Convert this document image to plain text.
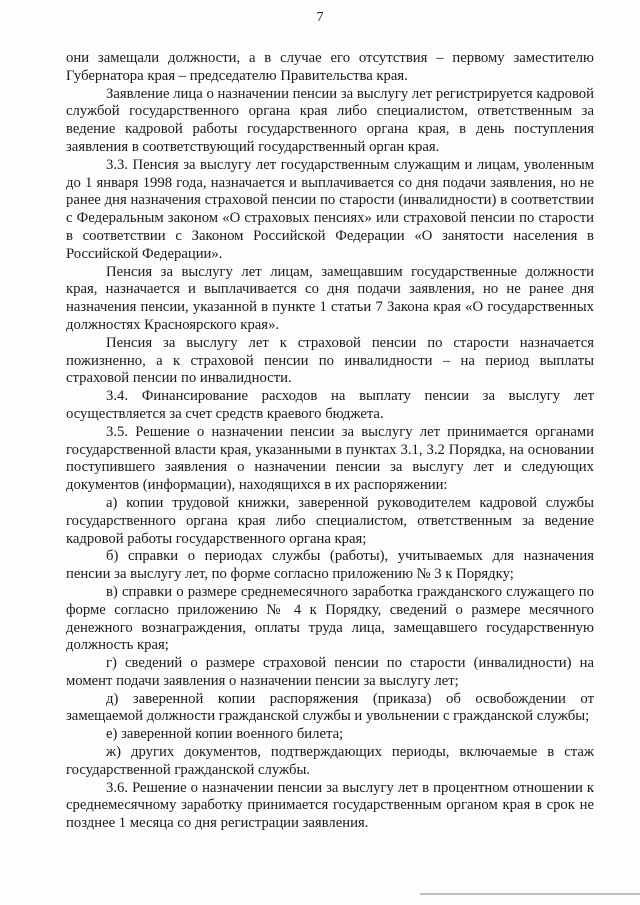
7

они замещали должности, а в случае его отсутствия – первому заместителю Губернатора края – председателю Правительства края.

Заявление лица о назначении пенсии за выслугу лет регистрируется кадровой службой государственного органа края либо специалистом, ответственным за ведение кадровой работы государственного органа края, в день поступления заявления в соответствующий государственный орган края.

3.3. Пенсия за выслугу лет государственным служащим и лицам, уволенным до 1 января 1998 года, назначается и выплачивается со дня подачи заявления, но не ранее дня назначения страховой пенсии по старости (инвалидности) в соответствии с Федеральным законом «О страховых пенсиях» или страховой пенсии по старости в соответствии с Законом Российской Федерации «О занятости населения в Российской Федерации».

Пенсия за выслугу лет лицам, замещавшим государственные должности края, назначается и выплачивается со дня подачи заявления, но не ранее дня назначения пенсии, указанной в пункте 1 статьи 7 Закона края «О государственных должностях Красноярского края».

Пенсия за выслугу лет к страховой пенсии по старости назначается пожизненно, а к страховой пенсии по инвалидности – на период выплаты страховой пенсии по инвалидности.

3.4. Финансирование расходов на выплату пенсии за выслугу лет осуществляется за счет средств краевого бюджета.

3.5. Решение о назначении пенсии за выслугу лет принимается органами государственной власти края, указанными в пунктах 3.1, 3.2 Порядка, на основании поступившего заявления о назначении пенсии за выслугу лет и следующих документов (информации), находящихся в их распоряжении:

а) копии трудовой книжки, заверенной руководителем кадровой службы государственного органа края либо специалистом, ответственным за ведение кадровой работы государственного органа края;

б) справки о периодах службы (работы), учитываемых для назначения пенсии за выслугу лет, по форме согласно приложению № 3 к Порядку;

в) справки о размере среднемесячного заработка гражданского служащего по форме согласно приложению № 4 к Порядку, сведений о размере месячного денежного вознаграждения, оплаты труда лица, замещавшего государственную должность края;

г) сведений о размере страховой пенсии по старости (инвалидности) на момент подачи заявления о назначении пенсии за выслугу лет;

д) заверенной копии распоряжения (приказа) об освобождении от замещаемой должности гражданской службы и увольнении с гражданской службы;

е) заверенной копии военного билета;

ж) других документов, подтверждающих периоды, включаемые в стаж государственной гражданской службы.

3.6. Решение о назначении пенсии за выслугу лет в процентном отношении к среднемесячному заработку принимается государственным органом края в срок не позднее 1 месяца со дня регистрации заявления.
